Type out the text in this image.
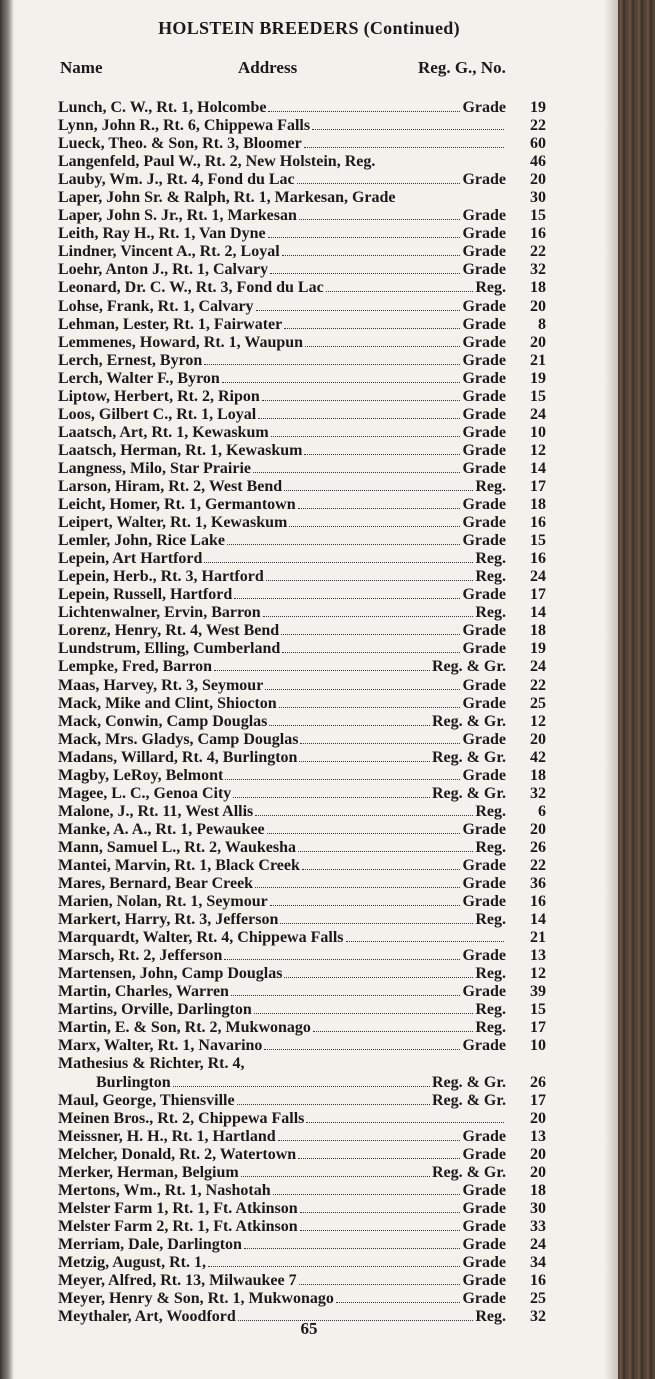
HOLSTEIN BREEDERS (Continued)
Name	Address	Reg. G., No.
Lunch, C. W., Rt. 1, Holcombe	Grade	19
Lynn, John R., Rt. 6, Chippewa Falls	22
Lueck, Theo. & Son, Rt. 3, Bloomer	60
Langenfeld, Paul W., Rt. 2, New Holstein, Reg.	46
Lauby, Wm. J., Rt. 4, Fond du Lac	Grade	20
Laper, John Sr. & Ralph, Rt. 1, Markesan, Grade	30
Laper, John S. Jr., Rt. 1, Markesan	Grade	15
Leith, Ray H., Rt. 1, Van Dyne	Grade	16
Lindner, Vincent A., Rt. 2, Loyal	Grade	22
Loehr, Anton J., Rt. 1, Calvary	Grade	32
Leonard, Dr. C. W., Rt. 3, Fond du Lac	Reg.	18
Lohse, Frank, Rt. 1, Calvary	Grade	20
Lehman, Lester, Rt. 1, Fairwater	Grade	8
Lemmenes, Howard, Rt. 1, Waupun	Grade	20
Lerch, Ernest, Byron	Grade	21
Lerch, Walter F., Byron	Grade	19
Liptow, Herbert, Rt. 2, Ripon	Grade	15
Loos, Gilbert C., Rt. 1, Loyal	Grade	24
Laatsch, Art, Rt. 1, Kewaskum	Grade	10
Laatsch, Herman, Rt. 1, Kewaskum	Grade	12
Langness, Milo, Star Prairie	Grade	14
Larson, Hiram, Rt. 2, West Bend	Reg.	17
Leicht, Homer, Rt. 1, Germantown	Grade	18
Leipert, Walter, Rt. 1, Kewaskum	Grade	16
Lemler, John, Rice Lake	Grade	15
Lepein, Art Hartford	Reg.	16
Lepein, Herb., Rt. 3, Hartford	Reg.	24
Lepein, Russell, Hartford	Grade	17
Lichtenwalner, Ervin, Barron	Reg.	14
Lorenz, Henry, Rt. 4, West Bend	Grade	18
Lundstrum, Elling, Cumberland	Grade	19
Lempke, Fred, Barron	Reg. & Gr.	24
Maas, Harvey, Rt. 3, Seymour	Grade	22
Mack, Mike and Clint, Shiocton	Grade	25
Mack, Conwin, Camp Douglas	Reg. & Gr.	12
Mack, Mrs. Gladys, Camp Douglas	Grade	20
Madans, Willard, Rt. 4, Burlington	Reg. & Gr.	42
Magby, LeRoy, Belmont	Grade	18
Magee, L. C., Genoa City	Reg. & Gr.	32
Malone, J., Rt. 11, West Allis	Reg.	6
Manke, A. A., Rt. 1, Pewaukee	Grade	20
Mann, Samuel L., Rt. 2, Waukesha	Reg.	26
Mantei, Marvin, Rt. 1, Black Creek	Grade	22
Mares, Bernard, Bear Creek	Grade	36
Marien, Nolan, Rt. 1, Seymour	Grade	16
Markert, Harry, Rt. 3, Jefferson	Reg.	14
Marquardt, Walter, Rt. 4, Chippewa Falls	21
Marsch, Rt. 2, Jefferson	Grade	13
Martensen, John, Camp Douglas	Reg.	12
Martin, Charles, Warren	Grade	39
Martins, Orville, Darlington	Reg.	15
Martin, E. & Son, Rt. 2, Mukwonago	Reg.	17
Marx, Walter, Rt. 1, Navarino	Grade	10
Mathesius & Richter, Rt. 4,
Burlington	Reg. & Gr.	26
Maul, George, Thiensville	Reg. & Gr.	17
Meinen Bros., Rt. 2, Chippewa Falls	20
Meissner, H. H., Rt. 1, Hartland	Grade	13
Melcher, Donald, Rt. 2, Watertown	Grade	20
Merker, Herman, Belgium	Reg. & Gr.	20
Mertons, Wm., Rt. 1, Nashotah	Grade	18
Melster Farm 1, Rt. 1, Ft. Atkinson	Grade	30
Melster Farm 2, Rt. 1, Ft. Atkinson	Grade	33
Merriam, Dale, Darlington	Grade	24
Metzig, August, Rt. 1,	Grade	34
Meyer, Alfred, Rt. 13, Milwaukee 7	Grade	16
Meyer, Henry & Son, Rt. 1, Mukwonago	Grade	25
Meythaler, Art, Woodford	Reg.	32
65
